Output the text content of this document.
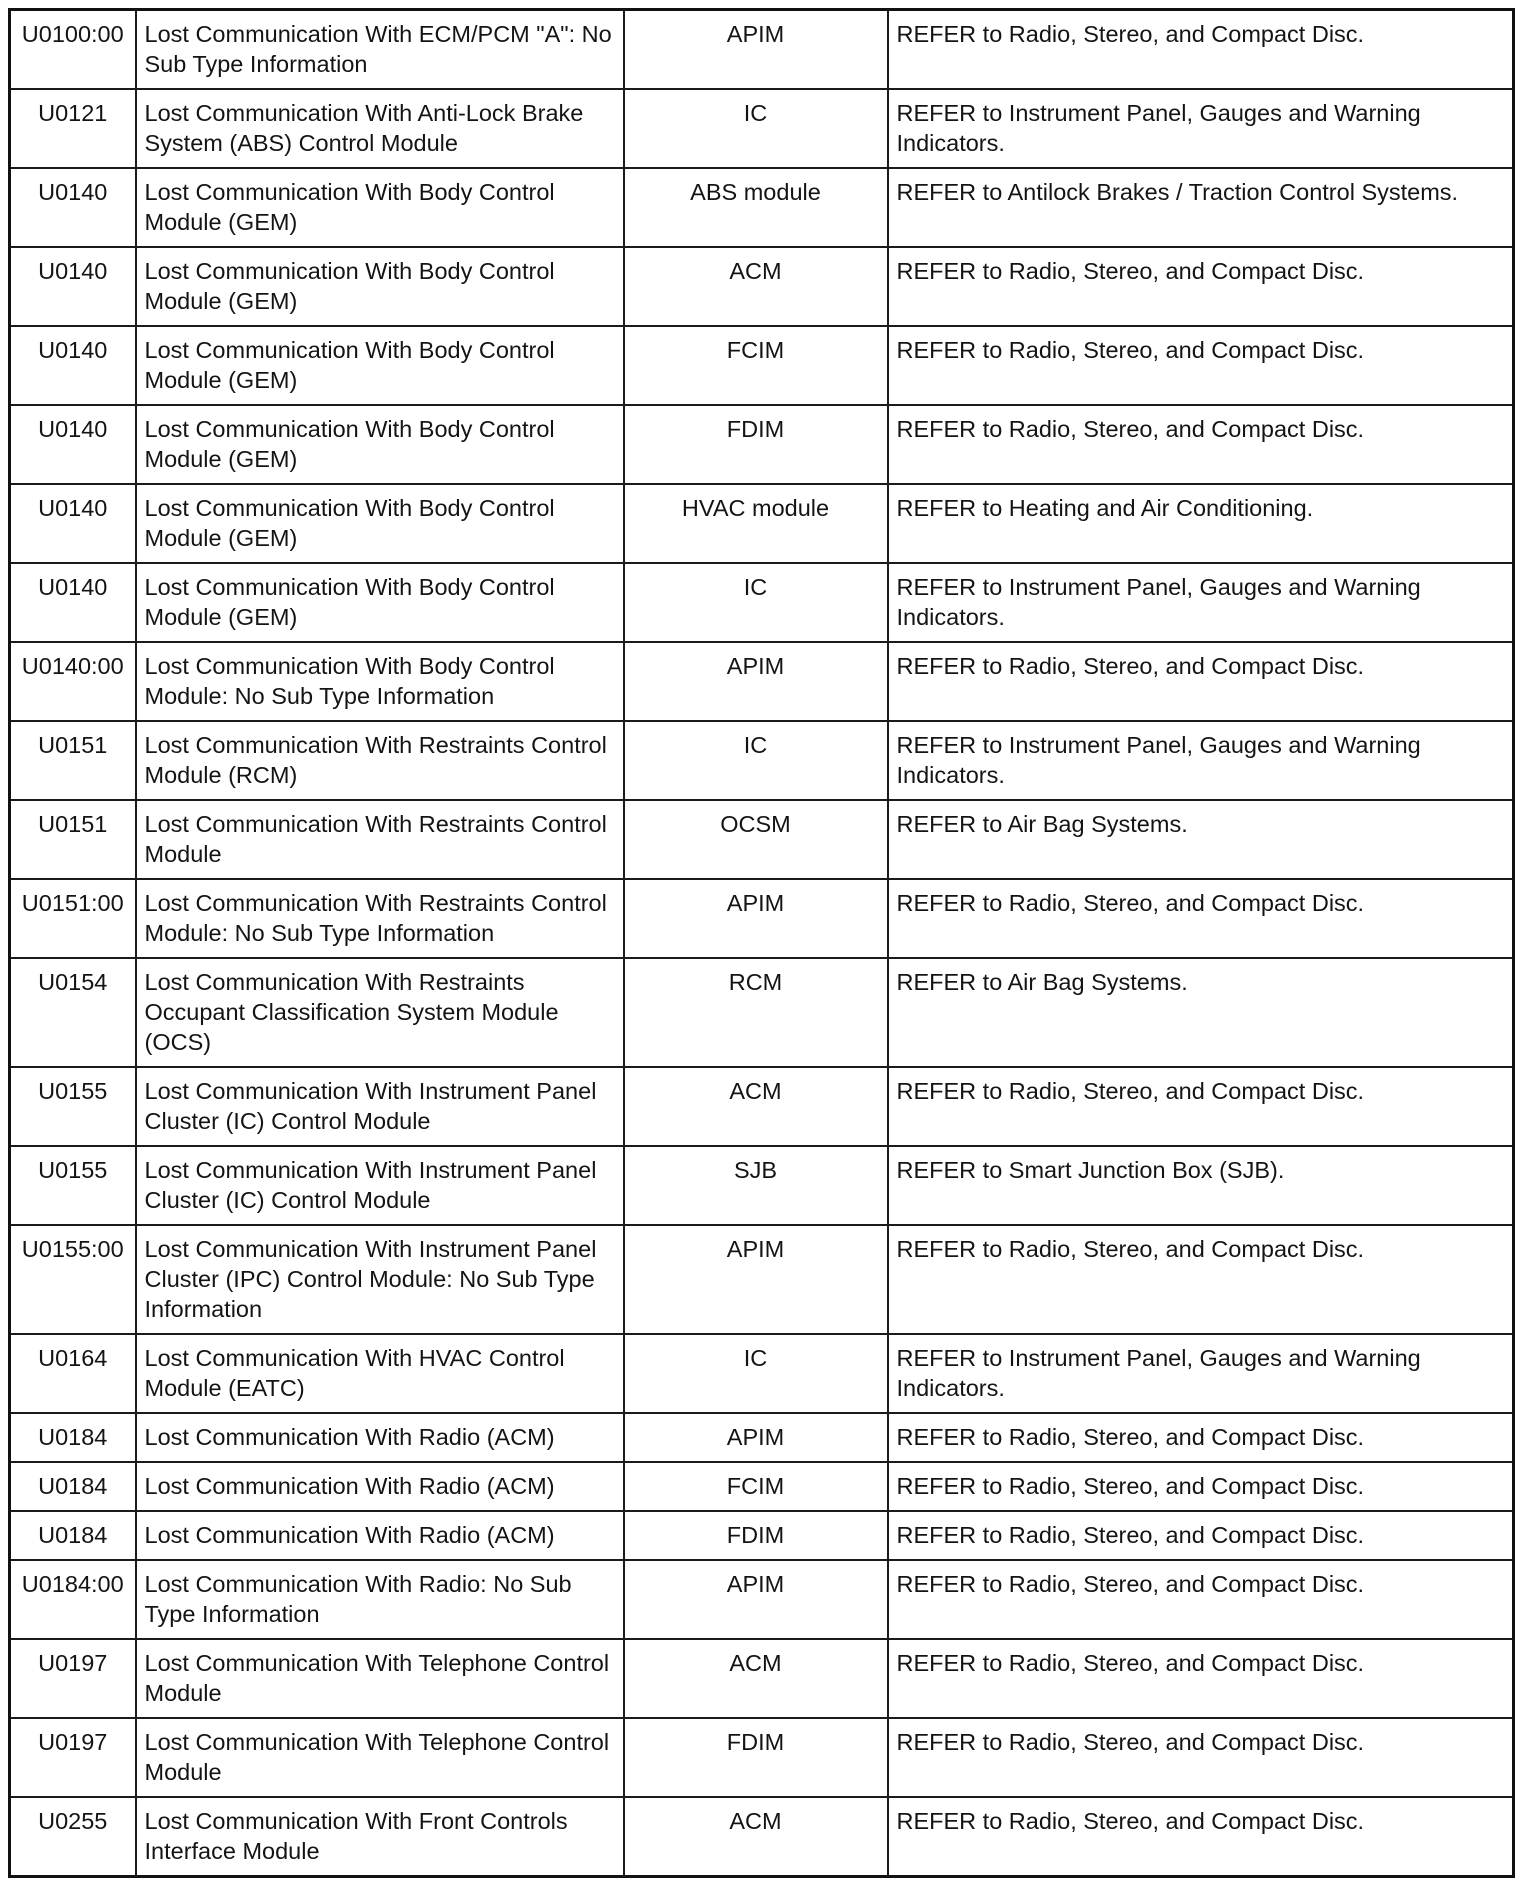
U0100:00	Lost Communication With ECM/PCM "A": No Sub Type Information	APIM	REFER to Radio, Stereo, and Compact Disc.
U0121	Lost Communication With Anti-Lock Brake System (ABS) Control Module	IC	REFER to Instrument Panel, Gauges and Warning Indicators.
U0140	Lost Communication With Body Control Module (GEM)	ABS module	REFER to Antilock Brakes / Traction Control Systems.
U0140	Lost Communication With Body Control Module (GEM)	ACM	REFER to Radio, Stereo, and Compact Disc.
U0140	Lost Communication With Body Control Module (GEM)	FCIM	REFER to Radio, Stereo, and Compact Disc.
U0140	Lost Communication With Body Control Module (GEM)	FDIM	REFER to Radio, Stereo, and Compact Disc.
U0140	Lost Communication With Body Control Module (GEM)	HVAC module	REFER to Heating and Air Conditioning.
U0140	Lost Communication With Body Control Module (GEM)	IC	REFER to Instrument Panel, Gauges and Warning Indicators.
U0140:00	Lost Communication With Body Control Module: No Sub Type Information	APIM	REFER to Radio, Stereo, and Compact Disc.
U0151	Lost Communication With Restraints Control Module (RCM)	IC	REFER to Instrument Panel, Gauges and Warning Indicators.
U0151	Lost Communication With Restraints Control Module	OCSM	REFER to Air Bag Systems.
U0151:00	Lost Communication With Restraints Control Module: No Sub Type Information	APIM	REFER to Radio, Stereo, and Compact Disc.
U0154	Lost Communication With Restraints Occupant Classification System Module (OCS)	RCM	REFER to Air Bag Systems.
U0155	Lost Communication With Instrument Panel Cluster (IC) Control Module	ACM	REFER to Radio, Stereo, and Compact Disc.
U0155	Lost Communication With Instrument Panel Cluster (IC) Control Module	SJB	REFER to Smart Junction Box (SJB).
U0155:00	Lost Communication With Instrument Panel Cluster (IPC) Control Module: No Sub Type Information	APIM	REFER to Radio, Stereo, and Compact Disc.
U0164	Lost Communication With HVAC Control Module (EATC)	IC	REFER to Instrument Panel, Gauges and Warning Indicators.
U0184	Lost Communication With Radio (ACM)	APIM	REFER to Radio, Stereo, and Compact Disc.
U0184	Lost Communication With Radio (ACM)	FCIM	REFER to Radio, Stereo, and Compact Disc.
U0184	Lost Communication With Radio (ACM)	FDIM	REFER to Radio, Stereo, and Compact Disc.
U0184:00	Lost Communication With Radio: No Sub Type Information	APIM	REFER to Radio, Stereo, and Compact Disc.
U0197	Lost Communication With Telephone Control Module	ACM	REFER to Radio, Stereo, and Compact Disc.
U0197	Lost Communication With Telephone Control Module	FDIM	REFER to Radio, Stereo, and Compact Disc.
U0255	Lost Communication With Front Controls Interface Module	ACM	REFER to Radio, Stereo, and Compact Disc.
